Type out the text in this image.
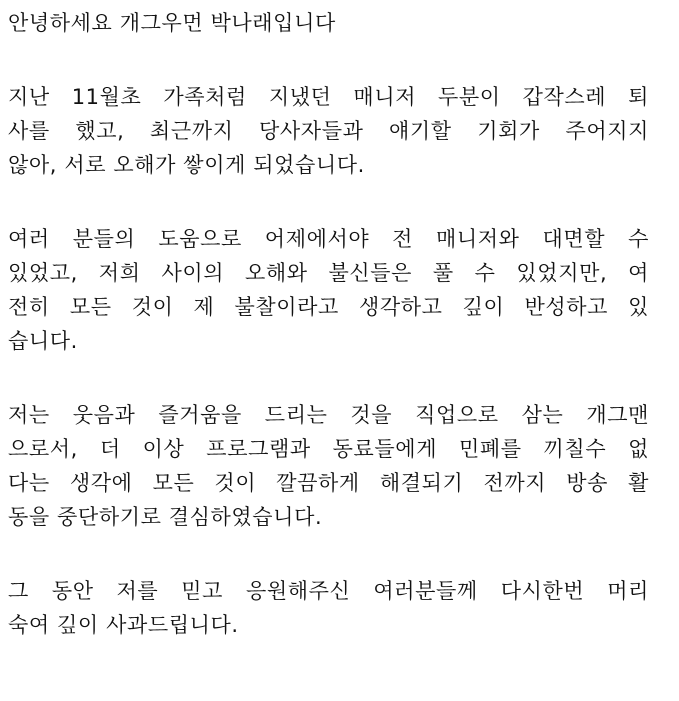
안녕하세요 개그우먼 박나래입니다
지난 11월초 가족처럼 지냈던 매니저 두분이 갑작스레 퇴
사를 했고, 최근까지 당사자들과 얘기할 기회가 주어지지
않아, 서로 오해가 쌓이게 되었습니다.
여러 분들의 도움으로 어제에서야 전 매니저와 대면할 수
있었고, 저희 사이의 오해와 불신들은 풀 수 있었지만, 여
전히 모든 것이 제 불찰이라고 생각하고 깊이 반성하고 있
습니다.
저는 웃음과 즐거움을 드리는 것을 직업으로 삼는 개그맨
으로서, 더 이상 프로그램과 동료들에게 민폐를 끼칠수 없
다는 생각에 모든 것이 깔끔하게 해결되기 전까지 방송 활
동을 중단하기로 결심하였습니다.
그 동안 저를 믿고 응원해주신 여러분들께 다시한번 머리
숙여 깊이 사과드립니다.
